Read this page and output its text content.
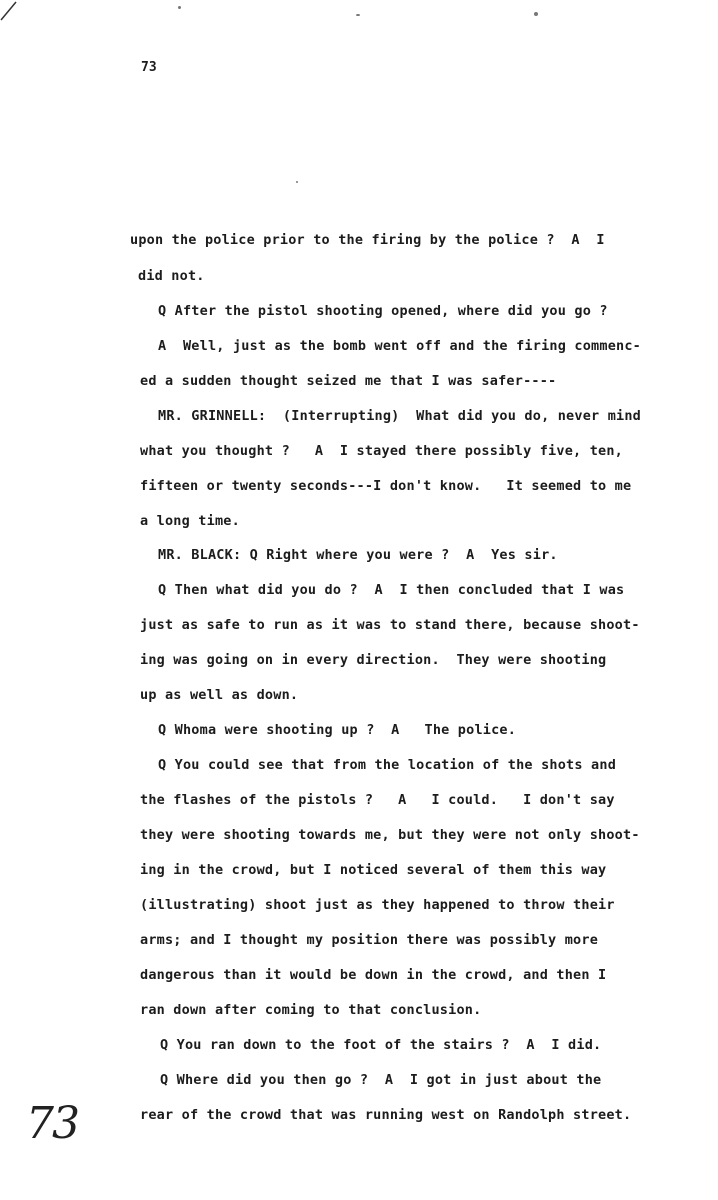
73
upon the police prior to the firing by the police ?  A  I
did not.
Q After the pistol shooting opened, where did you go ?
A  Well, just as the bomb went off and the firing commenc-
ed a sudden thought seized me that I was safer----
MR. GRINNELL:  (Interrupting)  What did you do, never mind
what you thought ?   A  I stayed there possibly five, ten,
fifteen or twenty seconds---I don't know.   It seemed to me
a long time.
MR. BLACK: Q Right where you were ?  A  Yes sir.
Q Then what did you do ?  A  I then concluded that I was
just as safe to run as it was to stand there, because shoot-
ing was going on in every direction.  They were shooting
up as well as down.
Q Whoma were shooting up ?  A   The police.
Q You could see that from the location of the shots and
the flashes of the pistols ?   A   I could.   I don't say
they were shooting towards me, but they were not only shoot-
ing in the crowd, but I noticed several of them this way
(illustrating) shoot just as they happened to throw their
arms; and I thought my position there was possibly more
dangerous than it would be down in the crowd, and then I
ran down after coming to that conclusion.
Q You ran down to the foot of the stairs ?  A  I did.
Q Where did you then go ?  A  I got in just about the
rear of the crowd that was running west on Randolph street.
73
